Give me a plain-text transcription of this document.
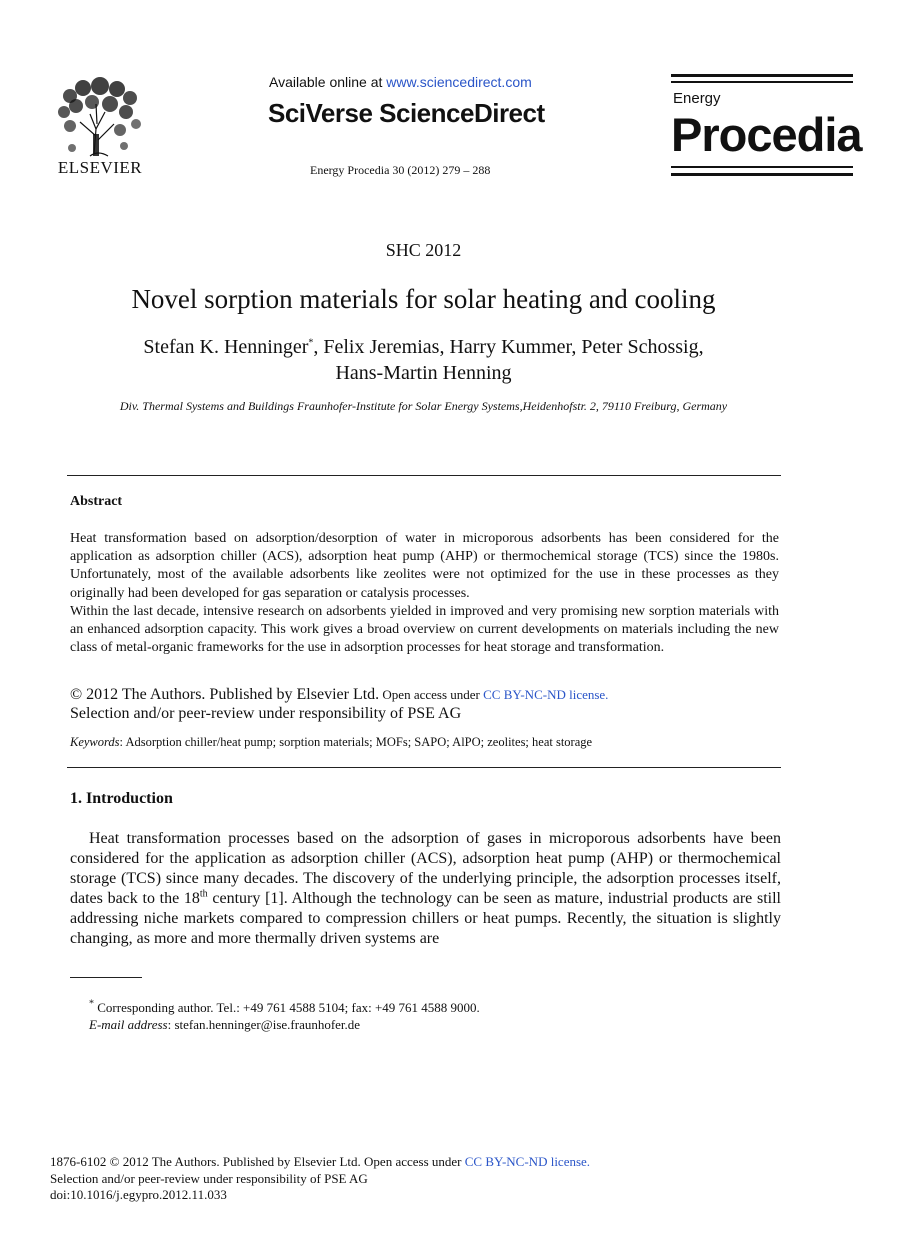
ELSEVIER
Available online at www.sciencedirect.com
SciVerse ScienceDirect
Energy Procedia 30 (2012) 279 – 288
Energy
Procedia
SHC 2012
Novel sorption materials for solar heating and cooling
Stefan K. Henninger*, Felix Jeremias, Harry Kummer, Peter Schossig,
Hans-Martin Henning
Div. Thermal Systems and Buildings Fraunhofer-Institute for Solar Energy Systems,Heidenhofstr. 2, 79110 Freiburg, Germany
Abstract
Heat transformation based on adsorption/desorption of water in microporous adsorbents has been considered for the application as adsorption chiller (ACS), adsorption heat pump (AHP) or thermochemical storage (TCS) since the 1980s. Unfortunately, most of the available adsorbents like zeolites were not optimized for the use in these processes as they originally had been developed for gas separation or catalysis processes.
Within the last decade, intensive research on adsorbents yielded in improved and very promising new sorption materials with an enhanced adsorption capacity. This work gives a broad overview on current developments on materials including the new class of metal-organic frameworks for the use in adsorption processes for heat storage and transformation.
© 2012 The Authors. Published by Elsevier Ltd. Open access under CC BY-NC-ND license.
Selection and/or peer-review under responsibility of PSE AG
Keywords: Adsorption chiller/heat pump; sorption materials; MOFs; SAPO; AlPO; zeolites; heat storage
1. Introduction
Heat transformation processes based on the adsorption of gases in microporous adsorbents have been considered for the application as adsorption chiller (ACS), adsorption heat pump (AHP) or thermochemical storage (TCS) since many decades. The discovery of the underlying principle, the adsorption processes itself, dates back to the 18th century [1]. Although the technology can be seen as mature, industrial products are still addressing niche markets compared to compression chillers or heat pumps. Recently, the situation is slightly changing, as more and more thermally driven systems are
* Corresponding author. Tel.: +49 761 4588 5104; fax: +49 761 4588 9000.
E-mail address: stefan.henninger@ise.fraunhofer.de
1876-6102 © 2012 The Authors. Published by Elsevier Ltd. Open access under CC BY-NC-ND license.
Selection and/or peer-review under responsibility of PSE AG
doi:10.1016/j.egypro.2012.11.033
